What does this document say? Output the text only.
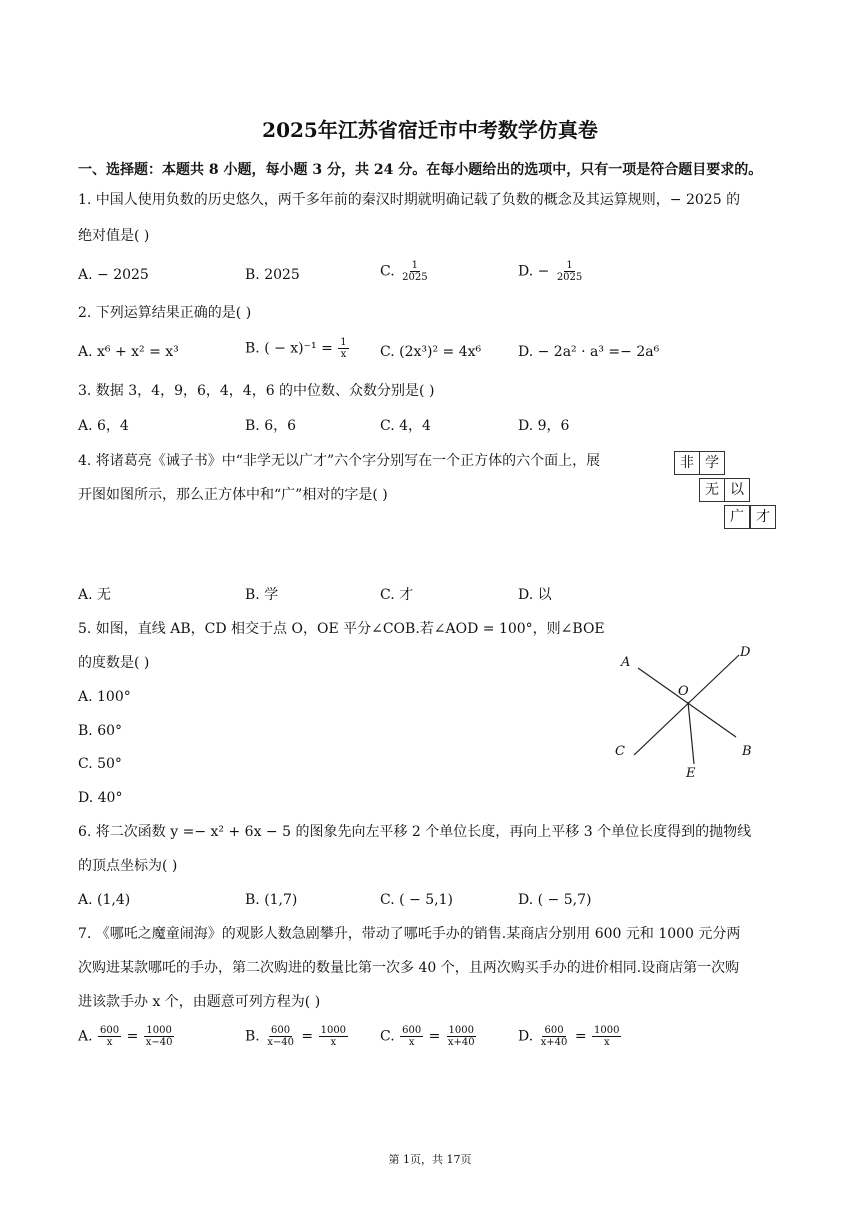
2025年江苏省宿迁市中考数学仿真卷
一、选择题：本题共 8 小题，每小题 3 分，共 24 分。在每小题给出的选项中，只有一项是符合题目要求的。
1. 中国人使用负数的历史悠久，两千多年前的秦汉时期就明确记载了负数的概念及其运算规则，− 2025 的
绝对值是( )
A. − 2025	B. 2025	C. $\frac{1}{2025}$	D. − $\frac{1}{2025}$
2. 下列运算结果正确的是( )
A. x⁶ + x² = x³	B. ( − $x)^{-1} = \frac{1}{x} C$. (2x³)² = 4x⁶	D. − 2a² · a³ =− 2a⁶
3. 数据 3，4，9，6，4，4，6 的中位数、众数分别是( )
A. 6，4	B. 6，6	C. 4，4	D. 9，6
4. 将诸葛亮《诫子书》中“非学无以广才”六个字分别写在一个正方体的六个面上，展
开图如图所示，那么正方体中和“广”相对的字是( )
非 学
无 以
广 才
A. 无	B. 学	C. 才	D. 以
5. 如图，直线 AB，CD 相交于点 O，OE 平分∠COB.若∠AOD = 100°，则∠BOE
的度数是( )
A. 100°
B. 60°
C. 50°
D. 40°
A
D
O
C	B
E
6. 将二次函数 y =− x² + 6x − 5 的图象先向左平移 2 个单位长度，再向上平移 3 个单位长度得到的抛物线
的顶点坐标为( )
A. (1,4)	B. (1,7)	C. ( − 5,1)	D. ( − 5,7)
7. 《哪吒之魔童闹海》的观影人数急剧攀升，带动了哪吒手办的销售.某商店分别用 600 元和 1000 元分两
次购进某款哪吒的手办，第二次购进的数量比第一次多 40 个，且两次购买手办的进价相同.设商店第一次购
进该款手办 x 个，由题意可列方程为( )
A. $\frac{600}{x} = \frac{1000}{x-40}$	B. $\frac{600}{x-40} = \frac{1000}{x} C$. $\frac{600}{x} = \frac{1000}{x+40}$	D. $\frac{600}{x+40} = \frac{1000}{x}$
第 1页，共 17页
